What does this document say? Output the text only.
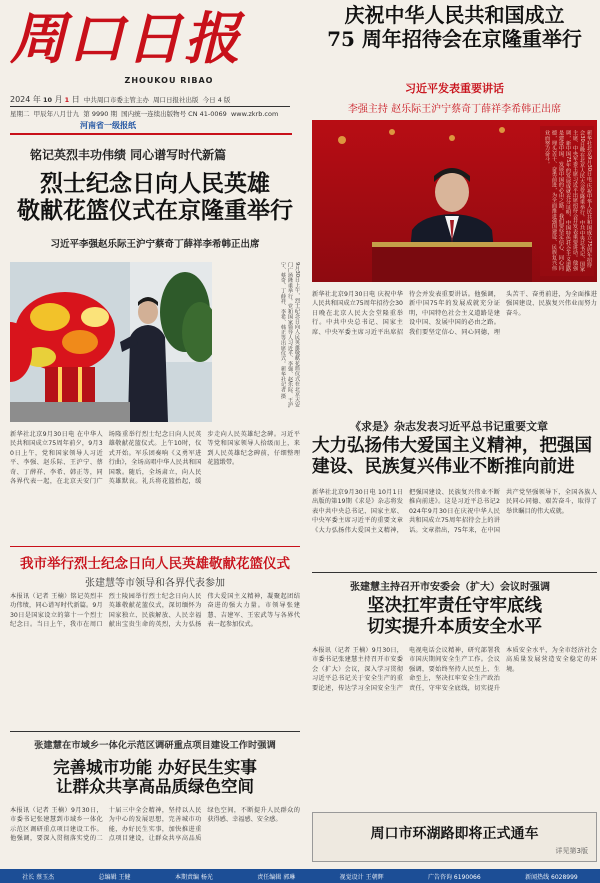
周口日报
ZHOUKOU RIBAO
2024 年 10 月 1 日 中共周口市委主管主办 周口日报社出版 今日 4 版
星期二 甲辰年八月廿九 第 9990 期 国内统一连续出版物号 CN 41-0069 www.zkrb.com
河南省一级报纸
庆祝中华人民共和国成立
75 周年招待会在京隆重举行
习近平发表重要讲话
李强主持 赵乐际王沪宁蔡奇丁薛祥李希韩正出席
新华社北京9月30日电 庆祝中华人民共和国成立75周年招待会30日晚在北京人民大会堂隆重举行。中共中央总书记、国家主席、中央军委主席习近平出席招待会并发表重要讲话。他强调，新中国75年的发展成就充分证明，中国特色社会主义道路是建设中国、发展中国的必由之路。我们要坚定信心、同心同德，埋头苦干、奋勇前进，为全面推进强国建设、民族复兴伟业而努力奋斗。
新华社北京9月30日电 庆祝中华人民共和国成立75周年招待会30日晚在北京人民大会堂隆重举行。中共中央总书记、国家主席、中央军委主席习近平出席招待会并发表重要讲话。他强调，新中国75年的发展成就充分证明，中国特色社会主义道路是建设中国、发展中国的必由之路。我们要坚定信心、同心同德，埋头苦干、奋勇前进，为全面推进强国建设、民族复兴伟业而努力奋斗。
铭记英烈丰功伟绩 同心谱写时代新篇
烈士纪念日向人民英雄
敬献花篮仪式在京隆重举行
习近平李强赵乐际王沪宁蔡奇丁薛祥李希韩正出席
9月30日上午，烈士纪念日向人民英雄敬献花篮仪式在北京天安门广场隆重举行。党和国家领导人习近平、李强、赵乐际、王沪宁、蔡奇、丁薛祥、李希、韩正等出席仪式。新华社记者 摄
新华社北京9月30日电 在中华人民共和国成立75周年前夕，9月30日上午，党和国家领导人习近平、李强、赵乐际、王沪宁、蔡奇、丁薛祥、李希、韩正等，同各界代表一起，在北京天安门广场隆重举行烈士纪念日向人民英雄敬献花篮仪式。上午10时，仪式开始。军乐团奏响《义勇军进行曲》，全场高唱中华人民共和国国歌。随后，全场肃立，向人民英雄默哀。礼兵将花篮抬起，缓步走向人民英雄纪念碑。习近平等党和国家领导人拾级而上，来到人民英雄纪念碑前，仔细整理花篮缎带。
《求是》杂志发表习近平总书记重要文章
大力弘扬伟大爱国主义精神，把强国
建设、民族复兴伟业不断推向前进
新华社北京9月30日电 10月1日出版的第19期《求是》杂志将发表中共中央总书记、国家主席、中央军委主席习近平的重要文章《大力弘扬伟大爱国主义精神，把强国建设、民族复兴伟业不断推向前进》。这是习近平总书记2024年9月30日在庆祝中华人民共和国成立75周年招待会上的讲话。文章指出，75年来，在中国共产党坚强领导下，全国各族人民同心同德、艰苦奋斗，取得了举世瞩目的伟大成就。
我市举行烈士纪念日向人民英雄敬献花篮仪式
张建慧等市领导和各界代表参加
本报讯（记者 王楠）铭记英烈丰功伟绩，同心谱写时代新篇。9月30日是国家设立的第十一个烈士纪念日。当日上午，我市在周口烈士陵园举行烈士纪念日向人民英雄敬献花篮仪式，深切缅怀为国家独立、民族解放、人民幸福献出宝贵生命的英烈，大力弘扬伟大爱国主义精神，凝聚起团结奋进的强大力量。市领导张建慧、吉建军、王宏武等与各界代表一起参加仪式。
张建慧主持召开市安委会（扩大）会议时强调
坚决扛牢责任守牢底线
切实提升本质安全水平
本报讯（记者 王楠）9月30日，市委书记张建慧主持召开市安委会（扩大）会议，深入学习贯彻习近平总书记关于安全生产的重要论述，传达学习全国安全生产电视电话会议精神，研究部署我市国庆期间安全生产工作。会议强调，要始终坚持人民至上、生命至上，坚决扛牢安全生产政治责任，守牢安全底线，切实提升本质安全水平，为全市经济社会高质量发展营造安全稳定的环境。
张建慧在市域乡一体化示范区调研重点项目建设工作时强调
完善城市功能 办好民生实事
让群众共享高品质绿色空间
本报讯（记者 王楠）9月30日，市委书记张建慧到市域乡一体化示范区调研重点项目建设工作。他强调，要深入贯彻落实党的二十届三中全会精神，坚持以人民为中心的发展思想，完善城市功能，办好民生实事，加快推进重点项目建设，让群众共享高品质绿色空间，不断提升人民群众的获得感、幸福感、安全感。
周口市环湖路即将正式通车
详见第3版
社长 蔡玉杰	总编辑 王健	本期责编 杨光	责任编辑 郭琳	视觉设计 王朝辉	广告咨询 6190066	新闻热线 6028999
